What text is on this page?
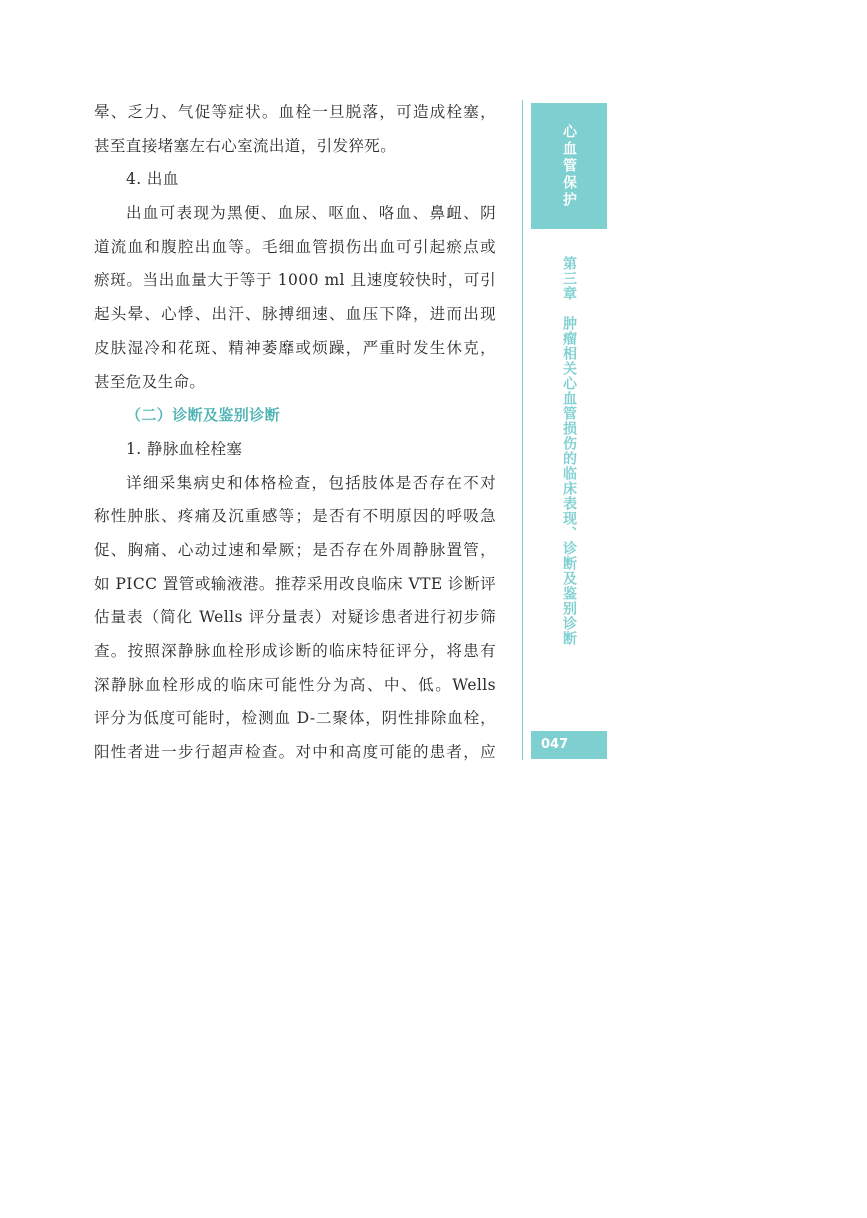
晕、乏力、气促等症状。血栓一旦脱落，可造成栓塞，
甚至直接堵塞左右心室流出道，引发猝死。
4. 出血
出血可表现为黑便、血尿、呕血、咯血、鼻衄、阴
道流血和腹腔出血等。毛细血管损伤出血可引起瘀点或
瘀斑。当出血量大于等于 1000 ml 且速度较快时，可引
起头晕、心悸、出汗、脉搏细速、血压下降，进而出现
皮肤湿冷和花斑、精神萎靡或烦躁，严重时发生休克，
甚至危及生命。
（二）诊断及鉴别诊断
1. 静脉血栓栓塞
详细采集病史和体格检查，包括肢体是否存在不对
称性肿胀、疼痛及沉重感等；是否有不明原因的呼吸急
促、胸痛、心动过速和晕厥；是否存在外周静脉置管，
如 PICC 置管或输液港。推荐采用改良临床 VTE 诊断评
估量表（简化 Wells 评分量表）对疑诊患者进行初步筛
查。按照深静脉血栓形成诊断的临床特征评分，将患有
深静脉血栓形成的临床可能性分为高、中、低。Wells
评分为低度可能时，检测血 D-二聚体，阴性排除血栓，
阳性者进一步行超声检查。对中和高度可能的患者，应
心血管保护
第三章　肿瘤相关心血管损伤的临床表现、诊断及鉴别诊断
047
